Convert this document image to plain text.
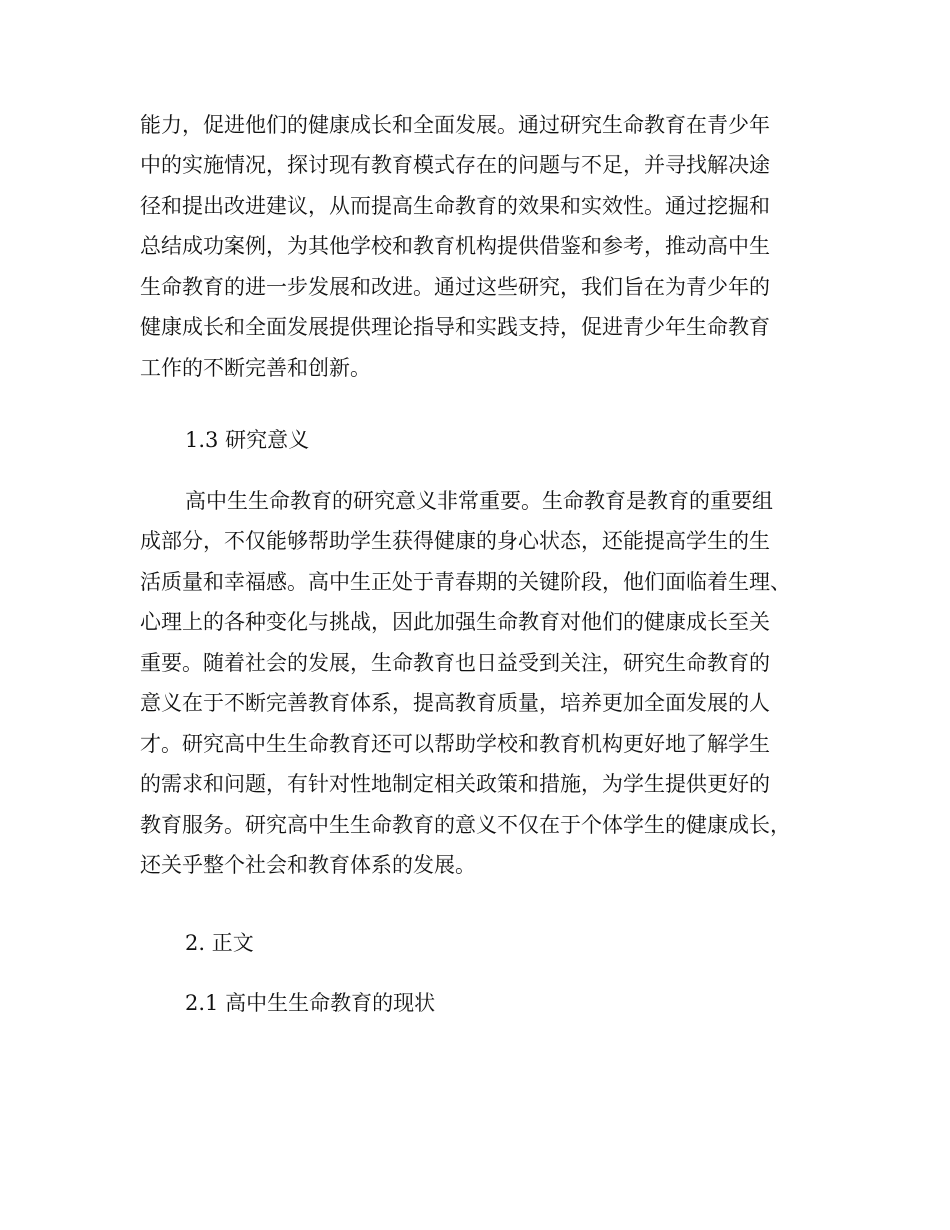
能力，促进他们的健康成长和全面发展。通过研究生命教育在青少年
中的实施情况，探讨现有教育模式存在的问题与不足，并寻找解决途
径和提出改进建议，从而提高生命教育的效果和实效性。通过挖掘和
总结成功案例，为其他学校和教育机构提供借鉴和参考，推动高中生
生命教育的进一步发展和改进。通过这些研究，我们旨在为青少年的
健康成长和全面发展提供理论指导和实践支持，促进青少年生命教育
工作的不断完善和创新。
1.3 研究意义
高中生生命教育的研究意义非常重要。生命教育是教育的重要组
成部分，不仅能够帮助学生获得健康的身心状态，还能提高学生的生
活质量和幸福感。高中生正处于青春期的关键阶段，他们面临着生理、
心理上的各种变化与挑战，因此加强生命教育对他们的健康成长至关
重要。随着社会的发展，生命教育也日益受到关注，研究生命教育的
意义在于不断完善教育体系，提高教育质量，培养更加全面发展的人
才。研究高中生生命教育还可以帮助学校和教育机构更好地了解学生
的需求和问题，有针对性地制定相关政策和措施，为学生提供更好的
教育服务。研究高中生生命教育的意义不仅在于个体学生的健康成长，
还关乎整个社会和教育体系的发展。
2. 正文
2.1 高中生生命教育的现状
